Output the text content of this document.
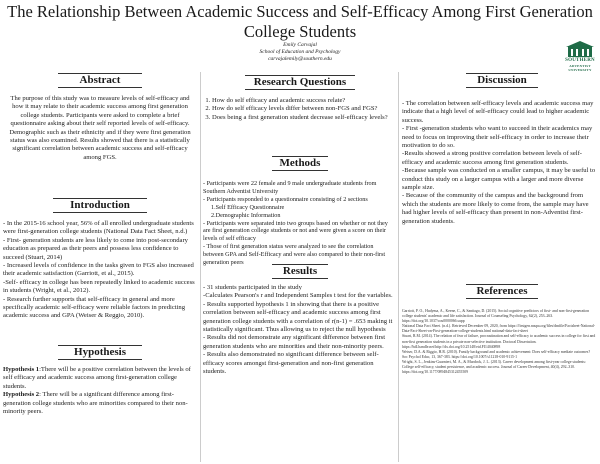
The Relationship Between Academic Success and Self-Efficacy Among First Generation College Students
Emily Carvajal
School of Education and Psychology
carvajalemily@southern.edu	SOUTHERN
ADVENTIST UNIVERSITY
Abstract

The purpose of this study was to measure levels of self-efficacy and how it may relate to their academic success among first generation college students. Participants were asked to complete a brief questionnaire asking about their self reported levels of self-efficacy. Demographic such as their ethnicity and if they were first generation status was also examined. Results showed that there is a statistically significant correlation between academic success and self-efficacy among FGS.

Introduction

- In the 2015-16 school year, 56% of all enrolled undergraduate students were first-generation college students (National Data Fact Sheet, n.d.)

- First- generation students are less likely to come into post-secondary education as prepared as their peers and possess less confidence to succeed (Stuart, 2014)

- Increased levels of confidence in the tasks given to FGS also increased their academic satisfaction (Garriott, et al., 2015).

-Self- efficacy in college has been repeatedly linked to academic success in students (Wright, et al., 2012).

- Research further supports that self-efficacy in general and more specifically academic self-efficacy were reliable factors in predicting academic success and GPA (Weiser & Reggio, 2010).

Hypothesis

Hypothesis 1:There will be a positive correlation between the levels of self efficacy and academic success among first-generation college students.

Hypothesis 2: There will be a significant difference among first-generation college students who are minorities compared to their non-minority peers.

Research Questions
1. How do self efficacy and academic success relate?
2. How do self efficacy levels differ between non-FGS and FGS?
3. Does being a first generation student decrease self-efficacy levels?
Methods

- Participants were 22 female and 9 male undergraduate students from Southern Adventist University

- Participants responded to a questionnaire consisting of 2 sections

1.Self Efficacy Questionnaire

2.Demographic Information

- Participants were separated into two groups based on whether or not they are first generation college students or not and were given a score on their levels of self efficacy

- Those of first generation status were analyzed to see the correlation between GPA and Self-Efficacy and were also compared to their non-first generation peers

Results

- 31 students participated in the study

-Calculates Pearson's r and Independent Samples t test for the variables.

- Results supported hypothesis 1 in showing that there is a positive correlation between self-efficacy and academic success among first generation college students with a correlation of r(n-1) = .653 making it statistically significant. Thus allowing us to reject the null hypothesis

- Results did not demonstrate any significant difference between first generation students who are minorities and their non-minority peers.

- Results also demonstrated no significant difference between self-efficacy scores amongst first-generation and non-first generation students.

Discussion

- The correlation between self-efficacy levels and academic success may indicate that a high level of self-efficacy could lead to higher academic success.

- First -generation students who want to succeed in their academics may need to focus on improving their self-efficacy in order to increase their motivation to do so.

-Results showed a strong positive correlation between levels of self-efficacy and academic success among first generation students.

-Because sample was conducted on a smaller campus, it may be useful to conduct this study on a larger campus with a larger and more diverse sample size.

- Because of the community of the campus and the background from which the students are more likely to come from, the sample may have had higher levels of self-efficacy than present in non-Adventist first-generation students.

References

Garriott, P. O., Hudyma, A., Keene, C., & Santiago, D. (2015). Social cognitive predictors of first- and non-first-generation college students' academic and life satisfaction. Journal of Counseling Psychology, 62(2), 253–263. https://doi.org/10.1037/cou0000066.supp

National Data Fact Sheet. (n.d.). Retrieved December 09, 2020, from https://firstgen.naspa.org/files/dmfile/Factsheet-National-Data-Fact-Sheet-on-First-generation-college-students.html national-data-fact-sheet

Stuart, R.M. (2014). The relation of fear of failure, procrastination and self-efficacy to academic success in college for first and non-first generation students in a private non-selective institution. Doctoral Dissertation. https://hdl.handle.net/http://dx.doi.org/10.25148/etd.FI14040898

Weiser, D.A. & Riggio, H.R. (2010). Family background and academic achievement: Does self-efficacy mediate outcomes? Soc Psychol Educ, 13, 367-383. https://doi.org/10.1007/s11218-010-9115-1

Wright, S. L., Jenkins-Guarnieri, M. A., & Murdock, J. L. (2013). Career development among first-year college students: College self-efficacy, student persistence, and academic success. Journal of Career Development, 40(4), 292–310. https://doi.org/10.1177/0894845312455509
